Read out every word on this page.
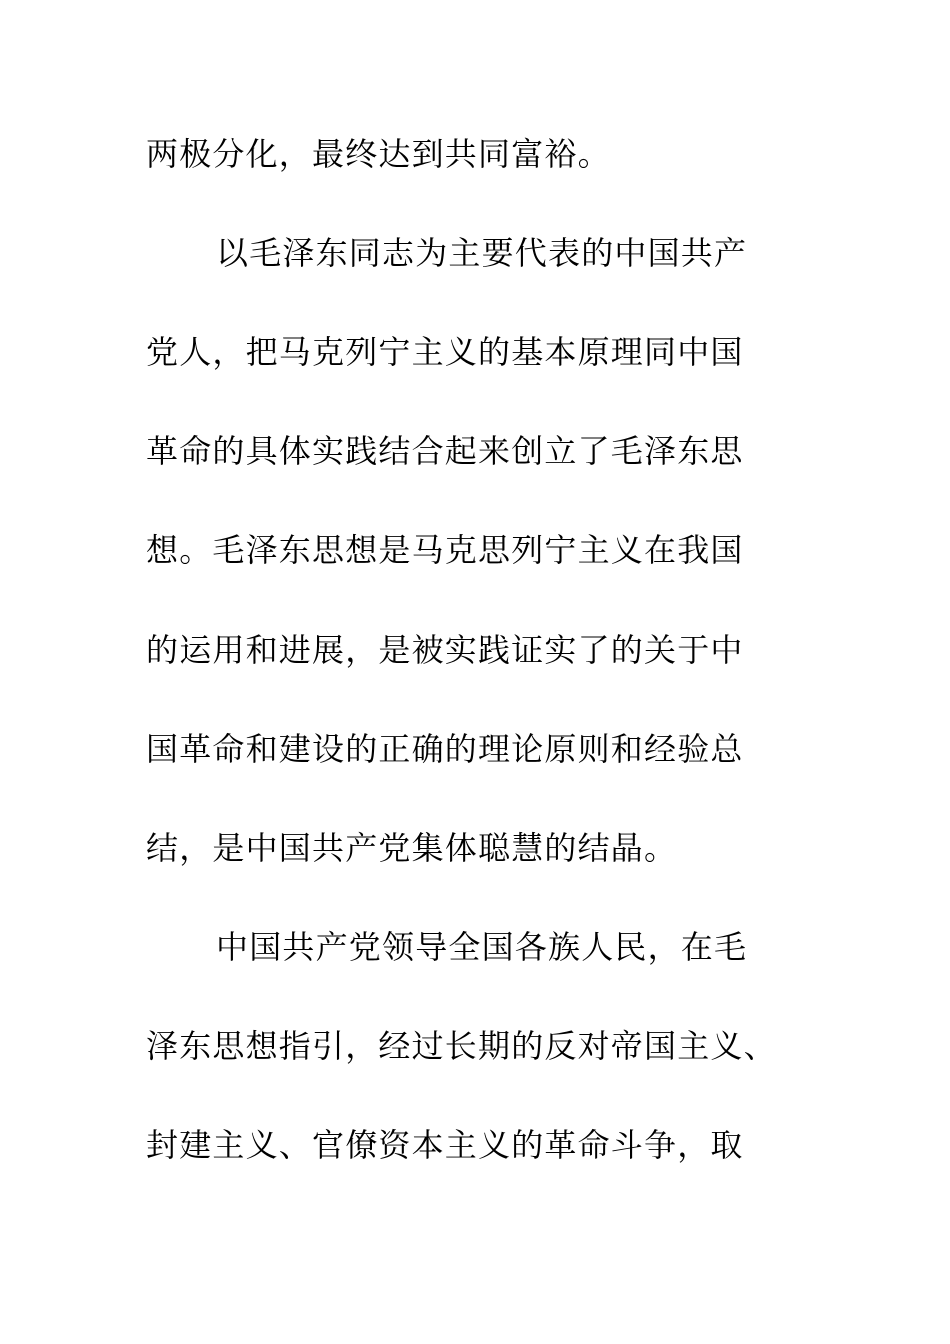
两极分化，最终达到共同富裕。
以毛泽东同志为主要代表的中国共产
党人，把马克列宁主义的基本原理同中国
革命的具体实践结合起来创立了毛泽东思
想。毛泽东思想是马克思列宁主义在我国
的运用和进展，是被实践证实了的关于中
国革命和建设的正确的理论原则和经验总
结，是中国共产党集体聪慧的结晶。
中国共产党领导全国各族人民，在毛
泽东思想指引，经过长期的反对帝国主义、
封建主义、官僚资本主义的革命斗争，取
